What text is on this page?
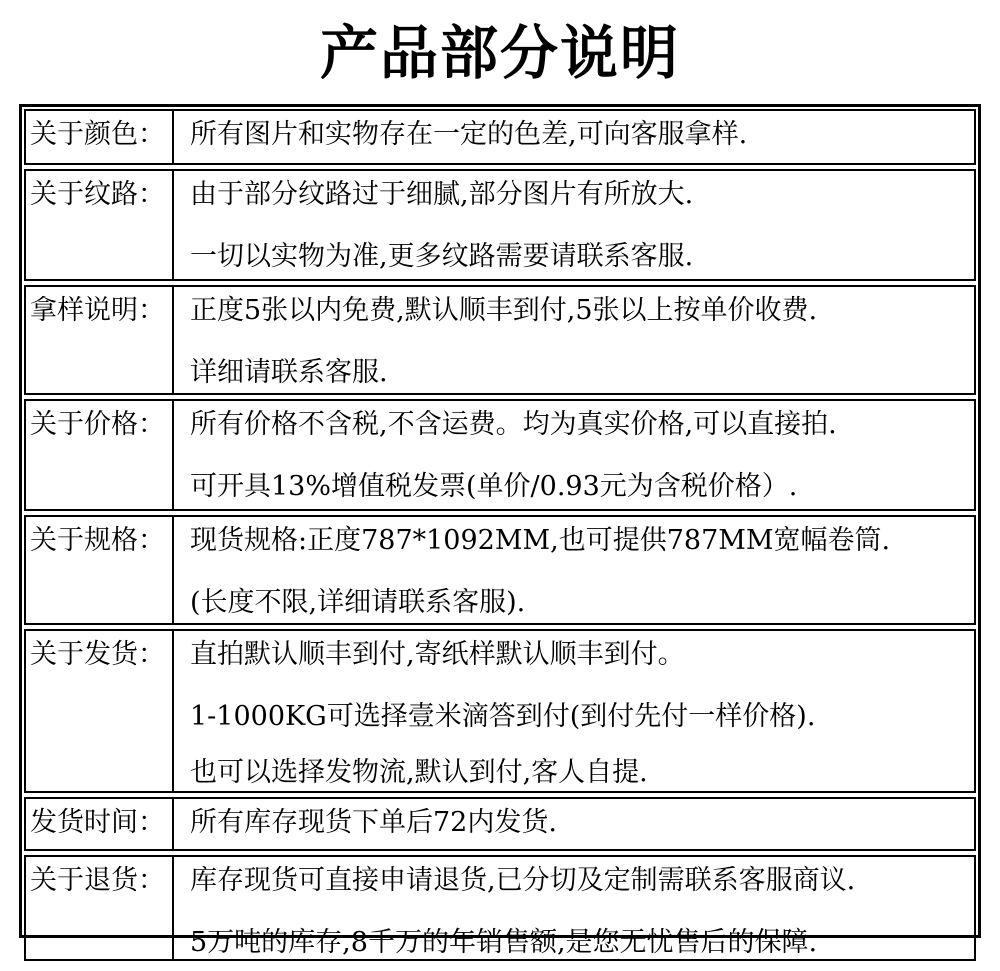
产品部分说明
关于颜色： 所有图片和实物存在一定的色差,可向客服拿样.
关于纹路： 由于部分纹路过于细腻,部分图片有所放大.
一切以实物为准,更多纹路需要请联系客服.
拿样说明： 正度5张以内免费,默认顺丰到付,5张以上按单价收费.
详细请联系客服.
关于价格： 所有价格不含税,不含运费。均为真实价格,可以直接拍.
可开具13%增值税发票(单价/0.93元为含税价格）.
关于规格： 现货规格:正度787*1092MM,也可提供787MM宽幅卷筒.
(长度不限,详细请联系客服).
关于发货： 直拍默认顺丰到付,寄纸样默认顺丰到付。
1-1000KG可选择壹米滴答到付(到付先付一样价格).
也可以选择发物流,默认到付,客人自提.
发货时间： 所有库存现货下单后72内发货.
关于退货： 库存现货可直接申请退货,已分切及定制需联系客服商议.
5万吨的库存,8千万的年销售额,是您无忧售后的保障.
